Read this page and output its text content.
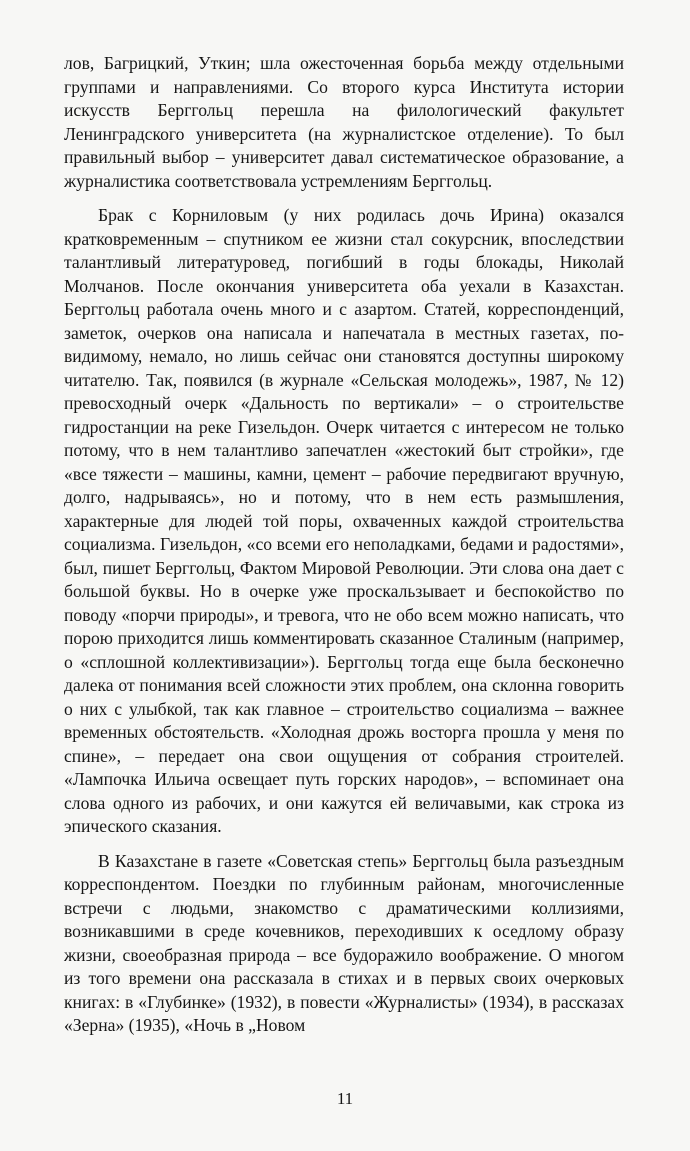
лов, Багрицкий, Уткин; шла ожесточенная борьба между отдельными группами и направлениями. Со второго курса Института истории искусств Берггольц перешла на филологический факультет Ленинградского университета (на журналистское отделение). То был правильный выбор – университет давал систематическое образование, а журналистика соответствовала устремлениям Берггольц.

Брак с Корниловым (у них родилась дочь Ирина) оказался кратковременным – спутником ее жизни стал сокурсник, впоследствии талантливый литературовед, погибший в годы блокады, Николай Молчанов. После окончания университета оба уехали в Казахстан. Берггольц работала очень много и с азартом. Статей, корреспонденций, заметок, очерков она написала и напечатала в местных газетах, по-видимому, немало, но лишь сейчас они становятся доступны широкому читателю. Так, появился (в журнале «Сельская молодежь», 1987, № 12) превосходный очерк «Дальность по вертикали» – о строительстве гидростанции на реке Гизельдон. Очерк читается с интересом не только потому, что в нем талантливо запечатлен «жестокий быт стройки», где «все тяжести – машины, камни, цемент – рабочие передвигают вручную, долго, надрываясь», но и потому, что в нем есть размышления, характерные для людей той поры, охваченных каждой строительства социализма. Гизельдон, «со всеми его неполадками, бедами и радостями», был, пишет Берггольц, Фактом Мировой Революции. Эти слова она дает с большой буквы. Но в очерке уже проскальзывает и беспокойство по поводу «порчи природы», и тревога, что не обо всем можно написать, что порою приходится лишь комментировать сказанное Сталиным (например, о «сплошной коллективизации»). Берггольц тогда еще была бесконечно далека от понимания всей сложности этих проблем, она склонна говорить о них с улыбкой, так как главное – строительство социализма – важнее временных обстоятельств. «Холодная дрожь восторга прошла у меня по спине», – передает она свои ощущения от собрания строителей. «Лампочка Ильича освещает путь горских народов», – вспоминает она слова одного из рабочих, и они кажутся ей величавыми, как строка из эпического сказания.

В Казахстане в газете «Советская степь» Берггольц была разъездным корреспондентом. Поездки по глубинным районам, многочисленные встречи с людьми, знакомство с драматическими коллизиями, возникавшими в среде кочевников, переходивших к оседлому образу жизни, своеобразная природа – все будоражило воображение. О многом из того времени она рассказала в стихах и в первых своих очерковых книгах: в «Глубинке» (1932), в повести «Журналисты» (1934), в рассказах «Зерна» (1935), «Ночь в „Новом

11
